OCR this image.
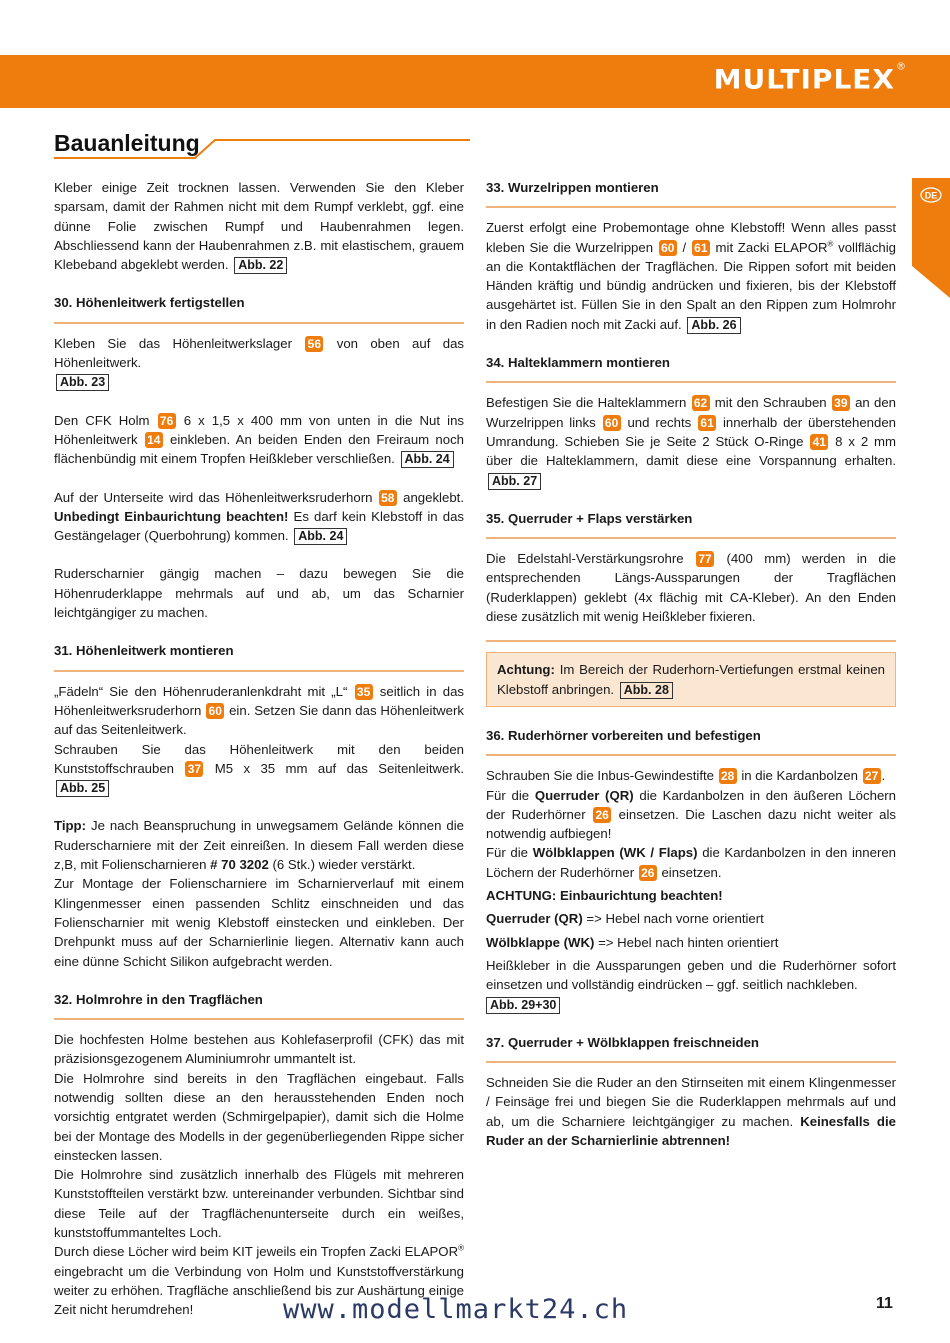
MULTIPLEX ®
Bauanleitung
DE

Kleber einige Zeit trocknen lassen. Verwenden Sie den Kleber sparsam, damit der Rahmen nicht mit dem Rumpf verklebt, ggf. eine dünne Folie zwischen Rumpf und Haubenrahmen legen. Abschliessend kann der Haubenrahmen z.B. mit elastischem, grauem Klebeband abgeklebt werden. Abb. 22

30. Höhenleitwerk fertigstellen

Kleben Sie das Höhenleitwerkslager 56 von oben auf das Höhenleitwerk.
Abb. 23

Den CFK Holm 76 6 x 1,5 x 400 mm von unten in die Nut ins Höhenleitwerk 14 einkleben. An beiden Enden den Freiraum noch flächenbündig mit einem Tropfen Heißkleber verschließen. Abb. 24

Auf der Unterseite wird das Höhenleitwerksruderhorn 58 angeklebt. Unbedingt Einbaurichtung beachten! Es darf kein Klebstoff in das Gestängelager (Querbohrung) kommen. Abb. 24

Ruderscharnier gängig machen – dazu bewegen Sie die Höhenruderklappe mehrmals auf und ab, um das Scharnier leichtgängiger zu machen.

31. Höhenleitwerk montieren

„Fädeln“ Sie den Höhenruderanlenkdraht mit „L“ 35 seitlich in das Höhenleitwerksruderhorn 60 ein. Setzen Sie dann das Höhenleitwerk auf das Seitenleitwerk.

Schrauben Sie das Höhenleitwerk mit den beiden Kunststoffschrauben 37 M5 x 35 mm auf das Seitenleitwerk. Abb. 25

Tipp: Je nach Beanspruchung in unwegsamem Gelände können die Ruderscharniere mit der Zeit einreißen. In diesem Fall werden diese z,B, mit Folienscharnieren # 70 3202 (6 Stk.) wieder verstärkt.

Zur Montage der Folienscharniere im Scharnierverlauf mit einem Klingenmesser einen passenden Schlitz einschneiden und das Folienscharnier mit wenig Klebstoff einstecken und einkleben. Der Drehpunkt muss auf der Scharnierlinie liegen. Alternativ kann auch eine dünne Schicht Silikon aufgebracht werden.

32. Holmrohre in den Tragflächen

Die hochfesten Holme bestehen aus Kohlefaserprofil (CFK) das mit präzisionsgezogenem Aluminiumrohr ummantelt ist.

Die Holmrohre sind bereits in den Tragflächen eingebaut. Falls notwendig sollten diese an den herausstehenden Enden noch vorsichtig entgratet werden (Schmirgelpapier), damit sich die Holme bei der Montage des Modells in der gegenüberliegenden Rippe sicher einstecken lassen.

Die Holmrohre sind zusätzlich innerhalb des Flügels mit mehreren Kunststoffteilen verstärkt bzw. untereinander verbunden. Sichtbar sind diese Teile auf der Tragflächenunterseite durch ein weißes, kunststoffummanteltes Loch.

Durch diese Löcher wird beim KIT jeweils ein Tropfen Zacki ELAPOR® eingebracht um die Verbindung von Holm und Kunststoffverstärkung weiter zu erhöhen. Tragfläche anschließend bis zur Aushärtung einige Zeit nicht herumdrehen!

33. Wurzelrippen montieren

Zuerst erfolgt eine Probemontage ohne Klebstoff! Wenn alles passt kleben Sie die Wurzelrippen 60 / 61 mit Zacki ELAPOR® vollflächig an die Kontaktflächen der Tragflächen. Die Rippen sofort mit beiden Händen kräftig und bündig andrücken und fixieren, bis der Klebstoff ausgehärtet ist. Füllen Sie in den Spalt an den Rippen zum Holmrohr in den Radien noch mit Zacki auf. Abb. 26

34. Halteklammern montieren

Befestigen Sie die Halteklammern 62 mit den Schrauben 39 an den Wurzelrippen links 60 und rechts 61 innerhalb der überstehenden Umrandung. Schieben Sie je Seite 2 Stück O-Ringe 41 8 x 2 mm über die Halteklammern, damit diese eine Vorspannung erhalten. Abb. 27

35. Querruder + Flaps verstärken

Die Edelstahl-Verstärkungsrohre 77 (400 mm) werden in die entsprechenden Längs-Aussparungen der Tragflächen (Ruderklappen) geklebt (4x flächig mit CA-Kleber). An den Enden diese zusätzlich mit wenig Heißkleber fixieren.

Achtung: Im Bereich der Ruderhorn-Vertiefungen erstmal keinen Klebstoff anbringen. Abb. 28

36. Ruderhörner vorbereiten und befestigen

Schrauben Sie die Inbus-Gewindestifte 28 in die Kardanbolzen 27 .

Für die Querruder (QR) die Kardanbolzen in den äußeren Löchern der Ruderhörner 26 einsetzen. Die Laschen dazu nicht weiter als notwendig aufbiegen!

Für die Wölbklappen (WK / Flaps) die Kardanbolzen in den inneren Löchern der Ruderhörner 26 einsetzen.

ACHTUNG: Einbaurichtung beachten!

Querruder (QR) => Hebel nach vorne orientiert

Wölbklappe (WK) => Hebel nach hinten orientiert

Heißkleber in die Aussparungen geben und die Ruderhörner sofort einsetzen und vollständig eindrücken – ggf. seitlich nachkleben.
Abb. 29+30

37. Querruder + Wölbklappen freischneiden

Schneiden Sie die Ruder an den Stirnseiten mit einem Klingenmesser / Feinsäge frei und biegen Sie die Ruderklappen mehrmals auf und ab, um die Scharniere leichtgängiger zu machen. Keinesfalls die Ruder an der Scharnierlinie abtrennen!

www.modellmarkt24.ch	11
